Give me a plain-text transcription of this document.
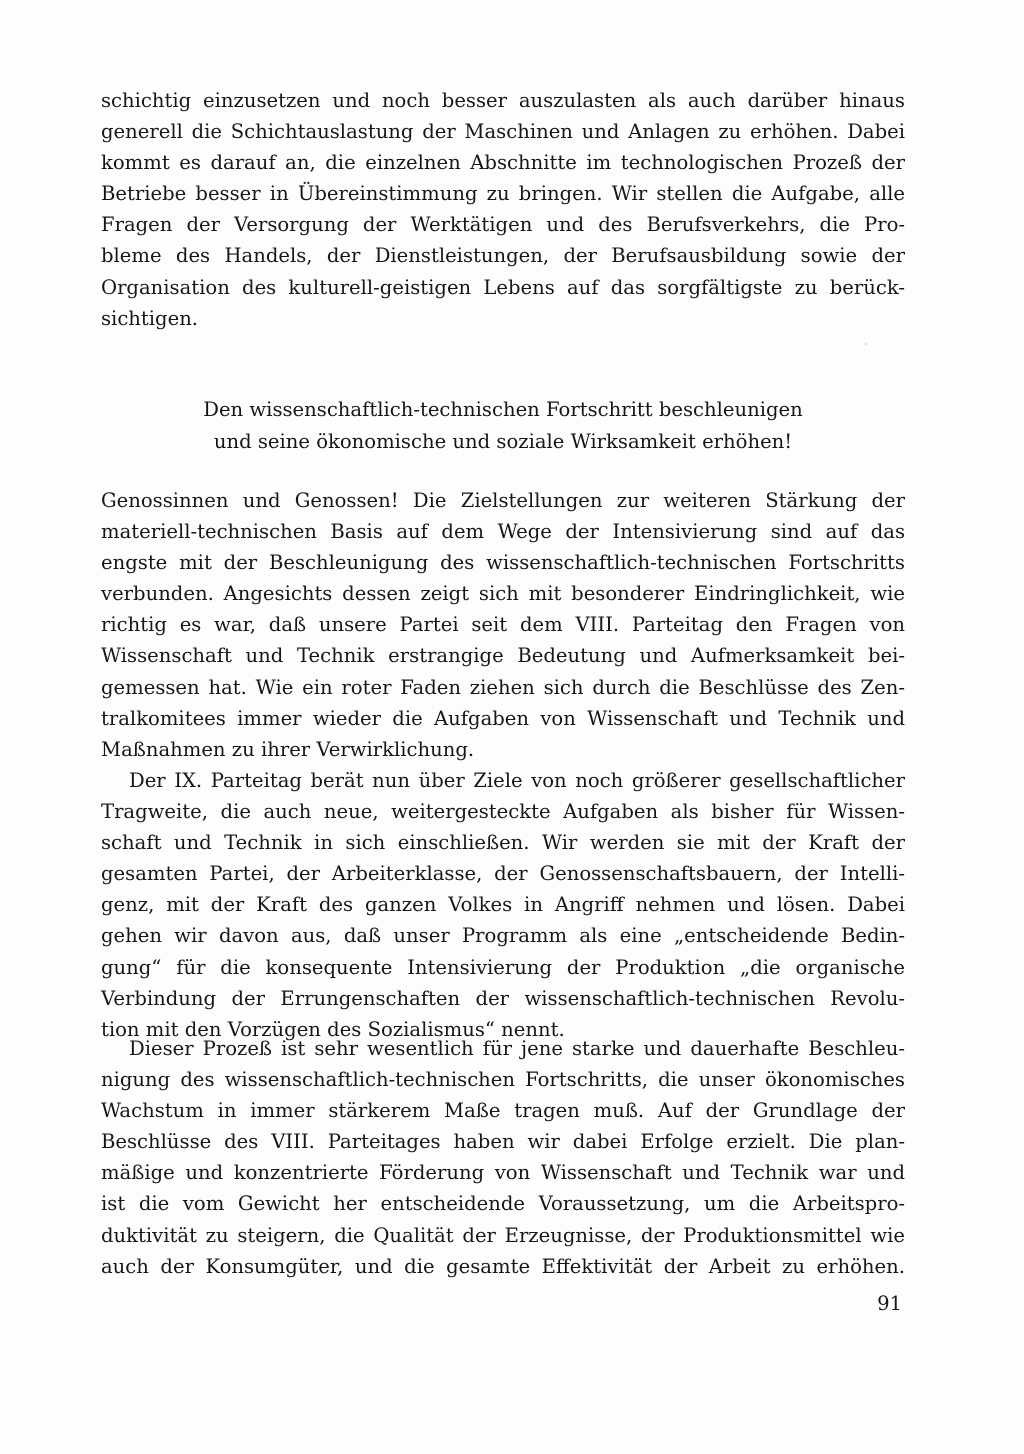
schichtig einzusetzen und noch besser auszulasten als auch darüber hinaus
generell die Schichtauslastung der Maschinen und Anlagen zu erhöhen. Dabei
kommt es darauf an, die einzelnen Abschnitte im technologischen Prozeß der
Betriebe besser in Übereinstimmung zu bringen. Wir stellen die Aufgabe, alle
Fragen der Versorgung der Werktätigen und des Berufsverkehrs, die Pro-
bleme des Handels, der Dienstleistungen, der Berufsausbildung sowie der
Organisation des kulturell-geistigen Lebens auf das sorgfältigste zu berück-
sichtigen.
Den wissenschaftlich-technischen Fortschritt beschleunigen
und seine ökonomische und soziale Wirksamkeit erhöhen!
Genossinnen und Genossen! Die Zielstellungen zur weiteren Stärkung der
materiell-technischen Basis auf dem Wege der Intensivierung sind auf das
engste mit der Beschleunigung des wissenschaftlich-technischen Fortschritts
verbunden. Angesichts dessen zeigt sich mit besonderer Eindringlichkeit, wie
richtig es war, daß unsere Partei seit dem VIII. Parteitag den Fragen von
Wissenschaft und Technik erstrangige Bedeutung und Aufmerksamkeit bei-
gemessen hat. Wie ein roter Faden ziehen sich durch die Beschlüsse des Zen-
tralkomitees immer wieder die Aufgaben von Wissenschaft und Technik und
Maßnahmen zu ihrer Verwirklichung.
Der IX. Parteitag berät nun über Ziele von noch größerer gesellschaftlicher
Tragweite, die auch neue, weitergesteckte Aufgaben als bisher für Wissen-
schaft und Technik in sich einschließen. Wir werden sie mit der Kraft der
gesamten Partei, der Arbeiterklasse, der Genossenschaftsbauern, der Intelli-
genz, mit der Kraft des ganzen Volkes in Angriff nehmen und lösen. Dabei
gehen wir davon aus, daß unser Programm als eine „entscheidende Bedin-
gung“ für die konsequente Intensivierung der Produktion „die organische
Verbindung der Errungenschaften der wissenschaftlich-technischen Revolu-
tion mit den Vorzügen des Sozialismus“ nennt.
Dieser Prozeß ist sehr wesentlich für jene starke und dauerhafte Beschleu-
nigung des wissenschaftlich-technischen Fortschritts, die unser ökonomisches
Wachstum in immer stärkerem Maße tragen muß. Auf der Grundlage der
Beschlüsse des VIII. Parteitages haben wir dabei Erfolge erzielt. Die plan-
mäßige und konzentrierte Förderung von Wissenschaft und Technik war und
ist die vom Gewicht her entscheidende Voraussetzung, um die Arbeitspro-
duktivität zu steigern, die Qualität der Erzeugnisse, der Produktionsmittel wie
auch der Konsumgüter, und die gesamte Effektivität der Arbeit zu erhöhen.
91
